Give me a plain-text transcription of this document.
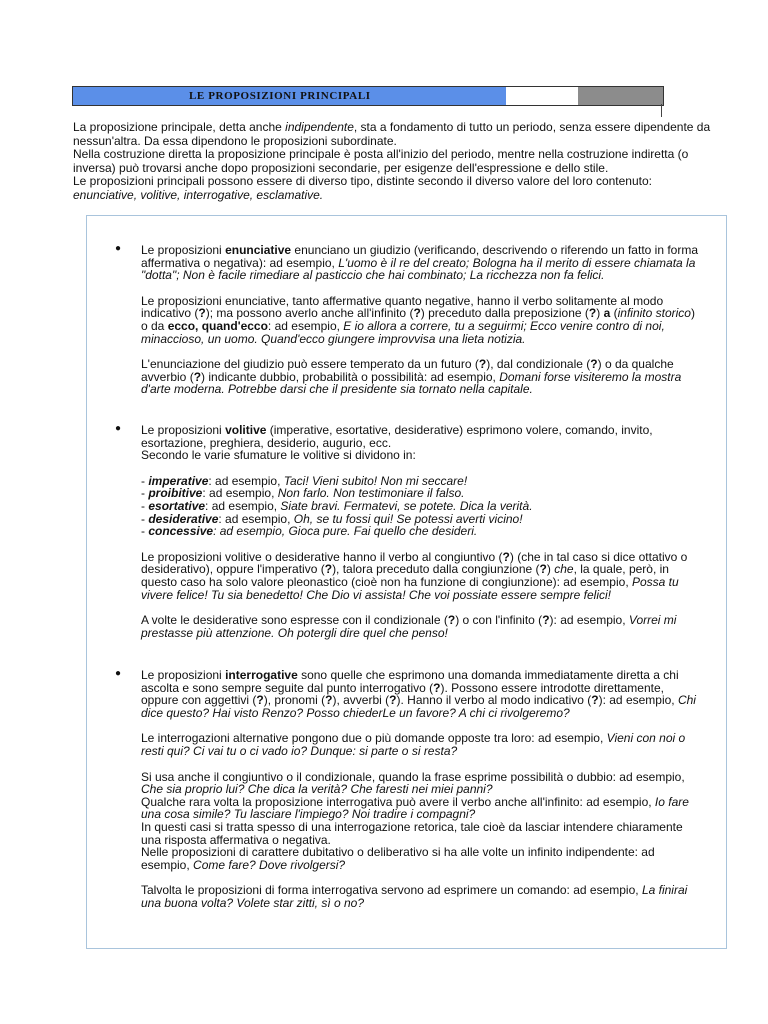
LE PROPOSIZIONI PRINCIPALI

La proposizione principale, detta anche indipendente, sta a fondamento di tutto un periodo, senza essere dipendente da nessun'altra. Da essa dipendono le proposizioni subordinate.

Nella costruzione diretta la proposizione principale è posta all'inizio del periodo, mentre nella costruzione indiretta (o inversa) può trovarsi anche dopo proposizioni secondarie, per esigenze dell'espressione e dello stile.

Le proposizioni principali possono essere di diverso tipo, distinte secondo il diverso valore del loro contenuto:

enunciative, volitive, interrogative, esclamative.

● Le proposizioni enunciative enunciano un giudizio (verificando, descrivendo o riferendo un fatto in forma affermativa o negativa): ad esempio, L'uomo è il re del creato; Bologna ha il merito di essere chiamata la "dotta"; Non è facile rimediare al pasticcio che hai combinato; La ricchezza non fa felici.

Le proposizioni enunciative, tanto affermative quanto negative, hanno il verbo solitamente al modo indicativo (?); ma possono averlo anche all'infinito (?) preceduto dalla preposizione (?) a (infinito storico) o da ecco, quand'ecco: ad esempio, E io allora a correre, tu a seguirmi; Ecco venire contro di noi, minaccioso, un uomo. Quand'ecco giungere improvvisa una lieta notizia.

L'enunciazione del giudizio può essere temperato da un futuro (?), dal condizionale (?) o da qualche avverbio (?) indicante dubbio, probabilità o possibilità: ad esempio, Domani forse visiteremo la mostra d'arte moderna. Potrebbe darsi che il presidente sia tornato nella capitale.

● Le proposizioni volitive (imperative, esortative, desiderative) esprimono volere, comando, invito, esortazione, preghiera, desiderio, augurio, ecc.
Secondo le varie sfumature le volitive si dividono in:

- imperative: ad esempio, Taci! Vieni subito! Non mi seccare!
- proibitive: ad esempio, Non farlo. Non testimoniare il falso.
- esortative: ad esempio, Siate bravi. Fermatevi, se potete. Dica la verità.
- desiderative: ad esempio, Oh, se tu fossi qui! Se potessi averti vicino!
- concessive: ad esempio, Gioca pure. Fai quello che desideri.

Le proposizioni volitive o desiderative hanno il verbo al congiuntivo (?) (che in tal caso si dice ottativo o desiderativo), oppure l'imperativo (?), talora preceduto dalla congiunzione (?) che, la quale, però, in questo caso ha solo valore pleonastico (cioè non ha funzione di congiunzione): ad esempio, Possa tu vivere felice! Tu sia benedetto! Che Dio vi assista! Che voi possiate essere sempre felici!

A volte le desiderative sono espresse con il condizionale (?) o con l'infinito (?): ad esempio, Vorrei mi prestasse più attenzione. Oh potergli dire quel che penso!

● Le proposizioni interrogative sono quelle che esprimono una domanda immediatamente diretta a chi ascolta e sono sempre seguite dal punto interrogativo (?). Possono essere introdotte direttamente, oppure con aggettivi (?), pronomi (?), avverbi (?). Hanno il verbo al modo indicativo (?): ad esempio, Chi dice questo? Hai visto Renzo? Posso chiederLe un favore? A chi ci rivolgeremo?

Le interrogazioni alternative pongono due o più domande opposte tra loro: ad esempio, Vieni con noi o resti qui? Ci vai tu o ci vado io? Dunque: si parte o si resta?

Si usa anche il congiuntivo o il condizionale, quando la frase esprime possibilità o dubbio: ad esempio, Che sia proprio lui? Che dica la verità? Che faresti nei miei panni?
Qualche rara volta la proposizione interrogativa può avere il verbo anche all'infinito: ad esempio, Io fare una cosa simile? Tu lasciare l'impiego? Noi tradire i compagni?
In questi casi si tratta spesso di una interrogazione retorica, tale cioè da lasciar intendere chiaramente una risposta affermativa o negativa.
Nelle proposizioni di carattere dubitativo o deliberativo si ha alle volte un infinito indipendente: ad esempio, Come fare? Dove rivolgersi?

Talvolta le proposizioni di forma interrogativa servono ad esprimere un comando: ad esempio, La finirai una buona volta? Volete star zitti, sì o no?
